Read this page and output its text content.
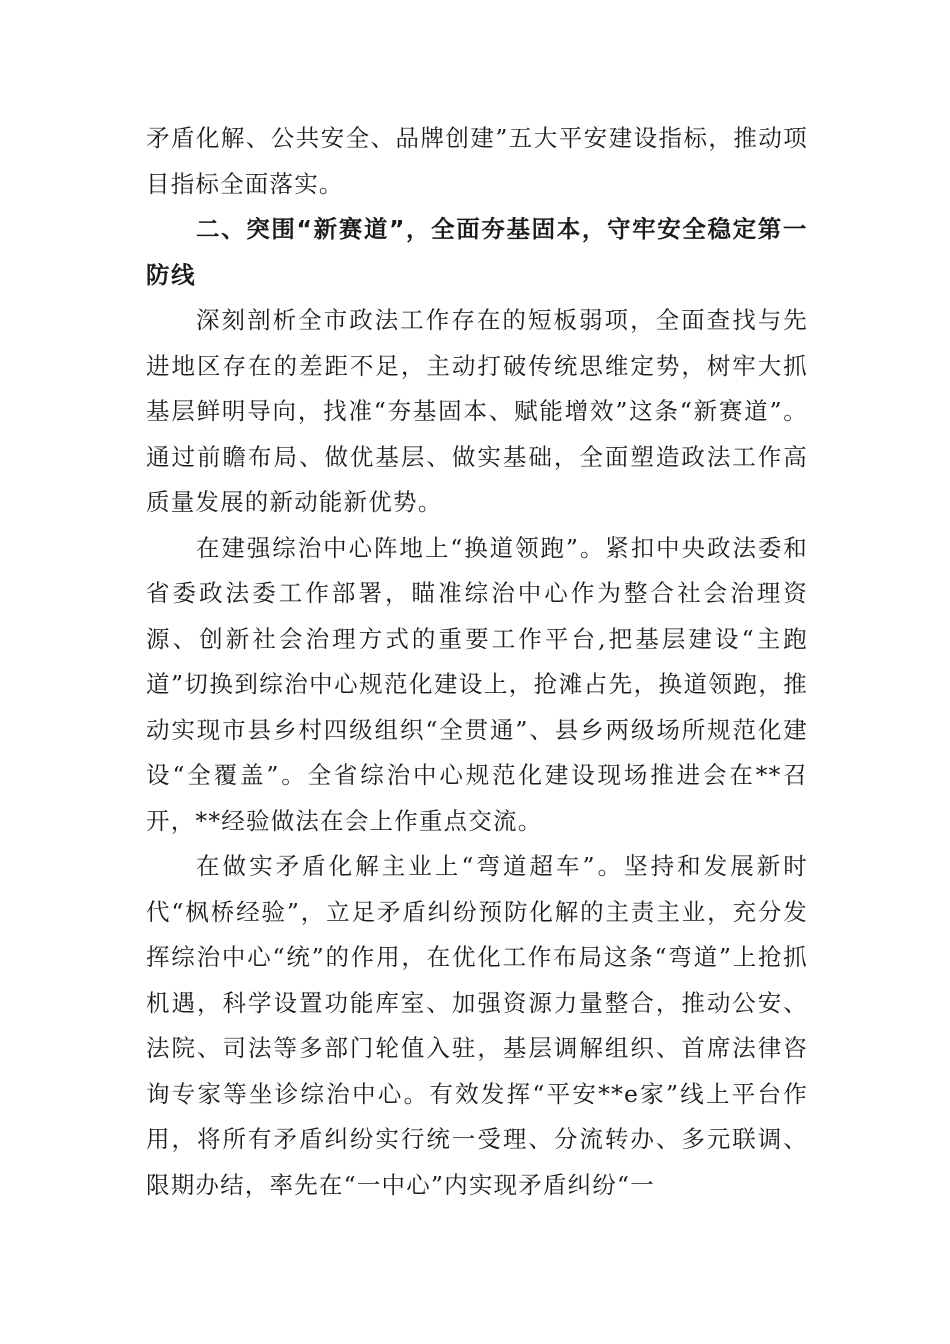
矛盾化解、公共安全、品牌创建”五大平安建设指标，推动项目指标全面落实。

二、突围“新赛道”，全面夯基固本，守牢安全稳定第一防线

深刻剖析全市政法工作存在的短板弱项，全面查找与先进地区存在的差距不足，主动打破传统思维定势，树牢大抓基层鲜明导向，找准“夯基固本、赋能增效”这条“新赛道”。通过前瞻布局、做优基层、做实基础，全面塑造政法工作高质量发展的新动能新优势。

在建强综治中心阵地上“换道领跑”。紧扣中央政法委和省委政法委工作部署，瞄准综治中心作为整合社会治理资源、创新社会治理方式的重要工作平台,把基层建设“主跑道”切换到综治中心规范化建设上，抢滩占先，换道领跑，推动实现市县乡村四级组织“全贯通”、县乡两级场所规范化建设“全覆盖”。全省综治中心规范化建设现场推进会在**召开，**经验做法在会上作重点交流。

在做实矛盾化解主业上“弯道超车”。坚持和发展新时代“枫桥经验”，立足矛盾纠纷预防化解的主责主业，充分发挥综治中心“统”的作用，在优化工作布局这条“弯道”上抢抓机遇，科学设置功能库室、加强资源力量整合，推动公安、法院、司法等多部门轮值入驻，基层调解组织、首席法律咨询专家等坐诊综治中心。有效发挥“平安**e家”线上平台作用，将所有矛盾纠纷实行统一受理、分流转办、多元联调、限期办结，率先在“一中心”内实现矛盾纠纷“一
